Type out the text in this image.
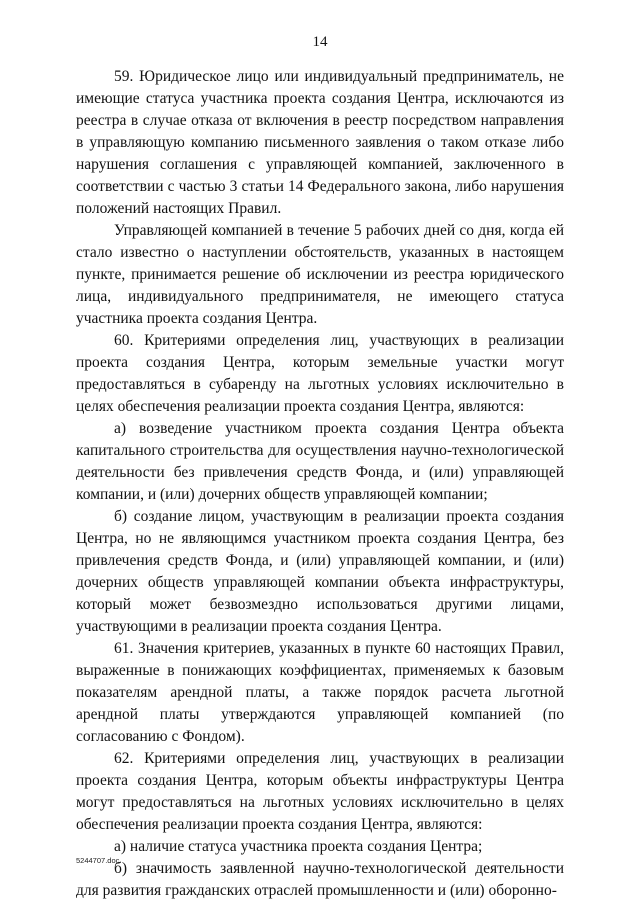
14

59. Юридическое лицо или индивидуальный предприниматель, не имеющие статуса участника проекта создания Центра, исключаются из реестра в случае отказа от включения в реестр посредством направления в управляющую компанию письменного заявления о таком отказе либо нарушения соглашения с управляющей компанией, заключенного в соответствии с частью 3 статьи 14 Федерального закона, либо нарушения положений настоящих Правил.

Управляющей компанией в течение 5 рабочих дней со дня, когда ей стало известно о наступлении обстоятельств, указанных в настоящем пункте, принимается решение об исключении из реестра юридического лица, индивидуального предпринимателя, не имеющего статуса участника проекта создания Центра.

60. Критериями определения лиц, участвующих в реализации проекта создания Центра, которым земельные участки могут предоставляться в субаренду на льготных условиях исключительно в целях обеспечения реализации проекта создания Центра, являются:

а) возведение участником проекта создания Центра объекта капитального строительства для осуществления научно-технологической деятельности без привлечения средств Фонда, и (или) управляющей компании, и (или) дочерних обществ управляющей компании;

б) создание лицом, участвующим в реализации проекта создания Центра, но не являющимся участником проекта создания Центра, без привлечения средств Фонда, и (или) управляющей компании, и (или) дочерних обществ управляющей компании объекта инфраструктуры, который может безвозмездно использоваться другими лицами, участвующими в реализации проекта создания Центра.

61. Значения критериев, указанных в пункте 60 настоящих Правил, выраженные в понижающих коэффициентах, применяемых к базовым показателям арендной платы, а также порядок расчета льготной арендной платы утверждаются управляющей компанией (по согласованию с Фондом).

62. Критериями определения лиц, участвующих в реализации проекта создания Центра, которым объекты инфраструктуры Центра могут предоставляться на льготных условиях исключительно в целях обеспечения реализации проекта создания Центра, являются:

а) наличие статуса участника проекта создания Центра;

б) значимость заявленной научно-технологической деятельности для развития гражданских отраслей промышленности и (или) оборонно-

5244707.doc
